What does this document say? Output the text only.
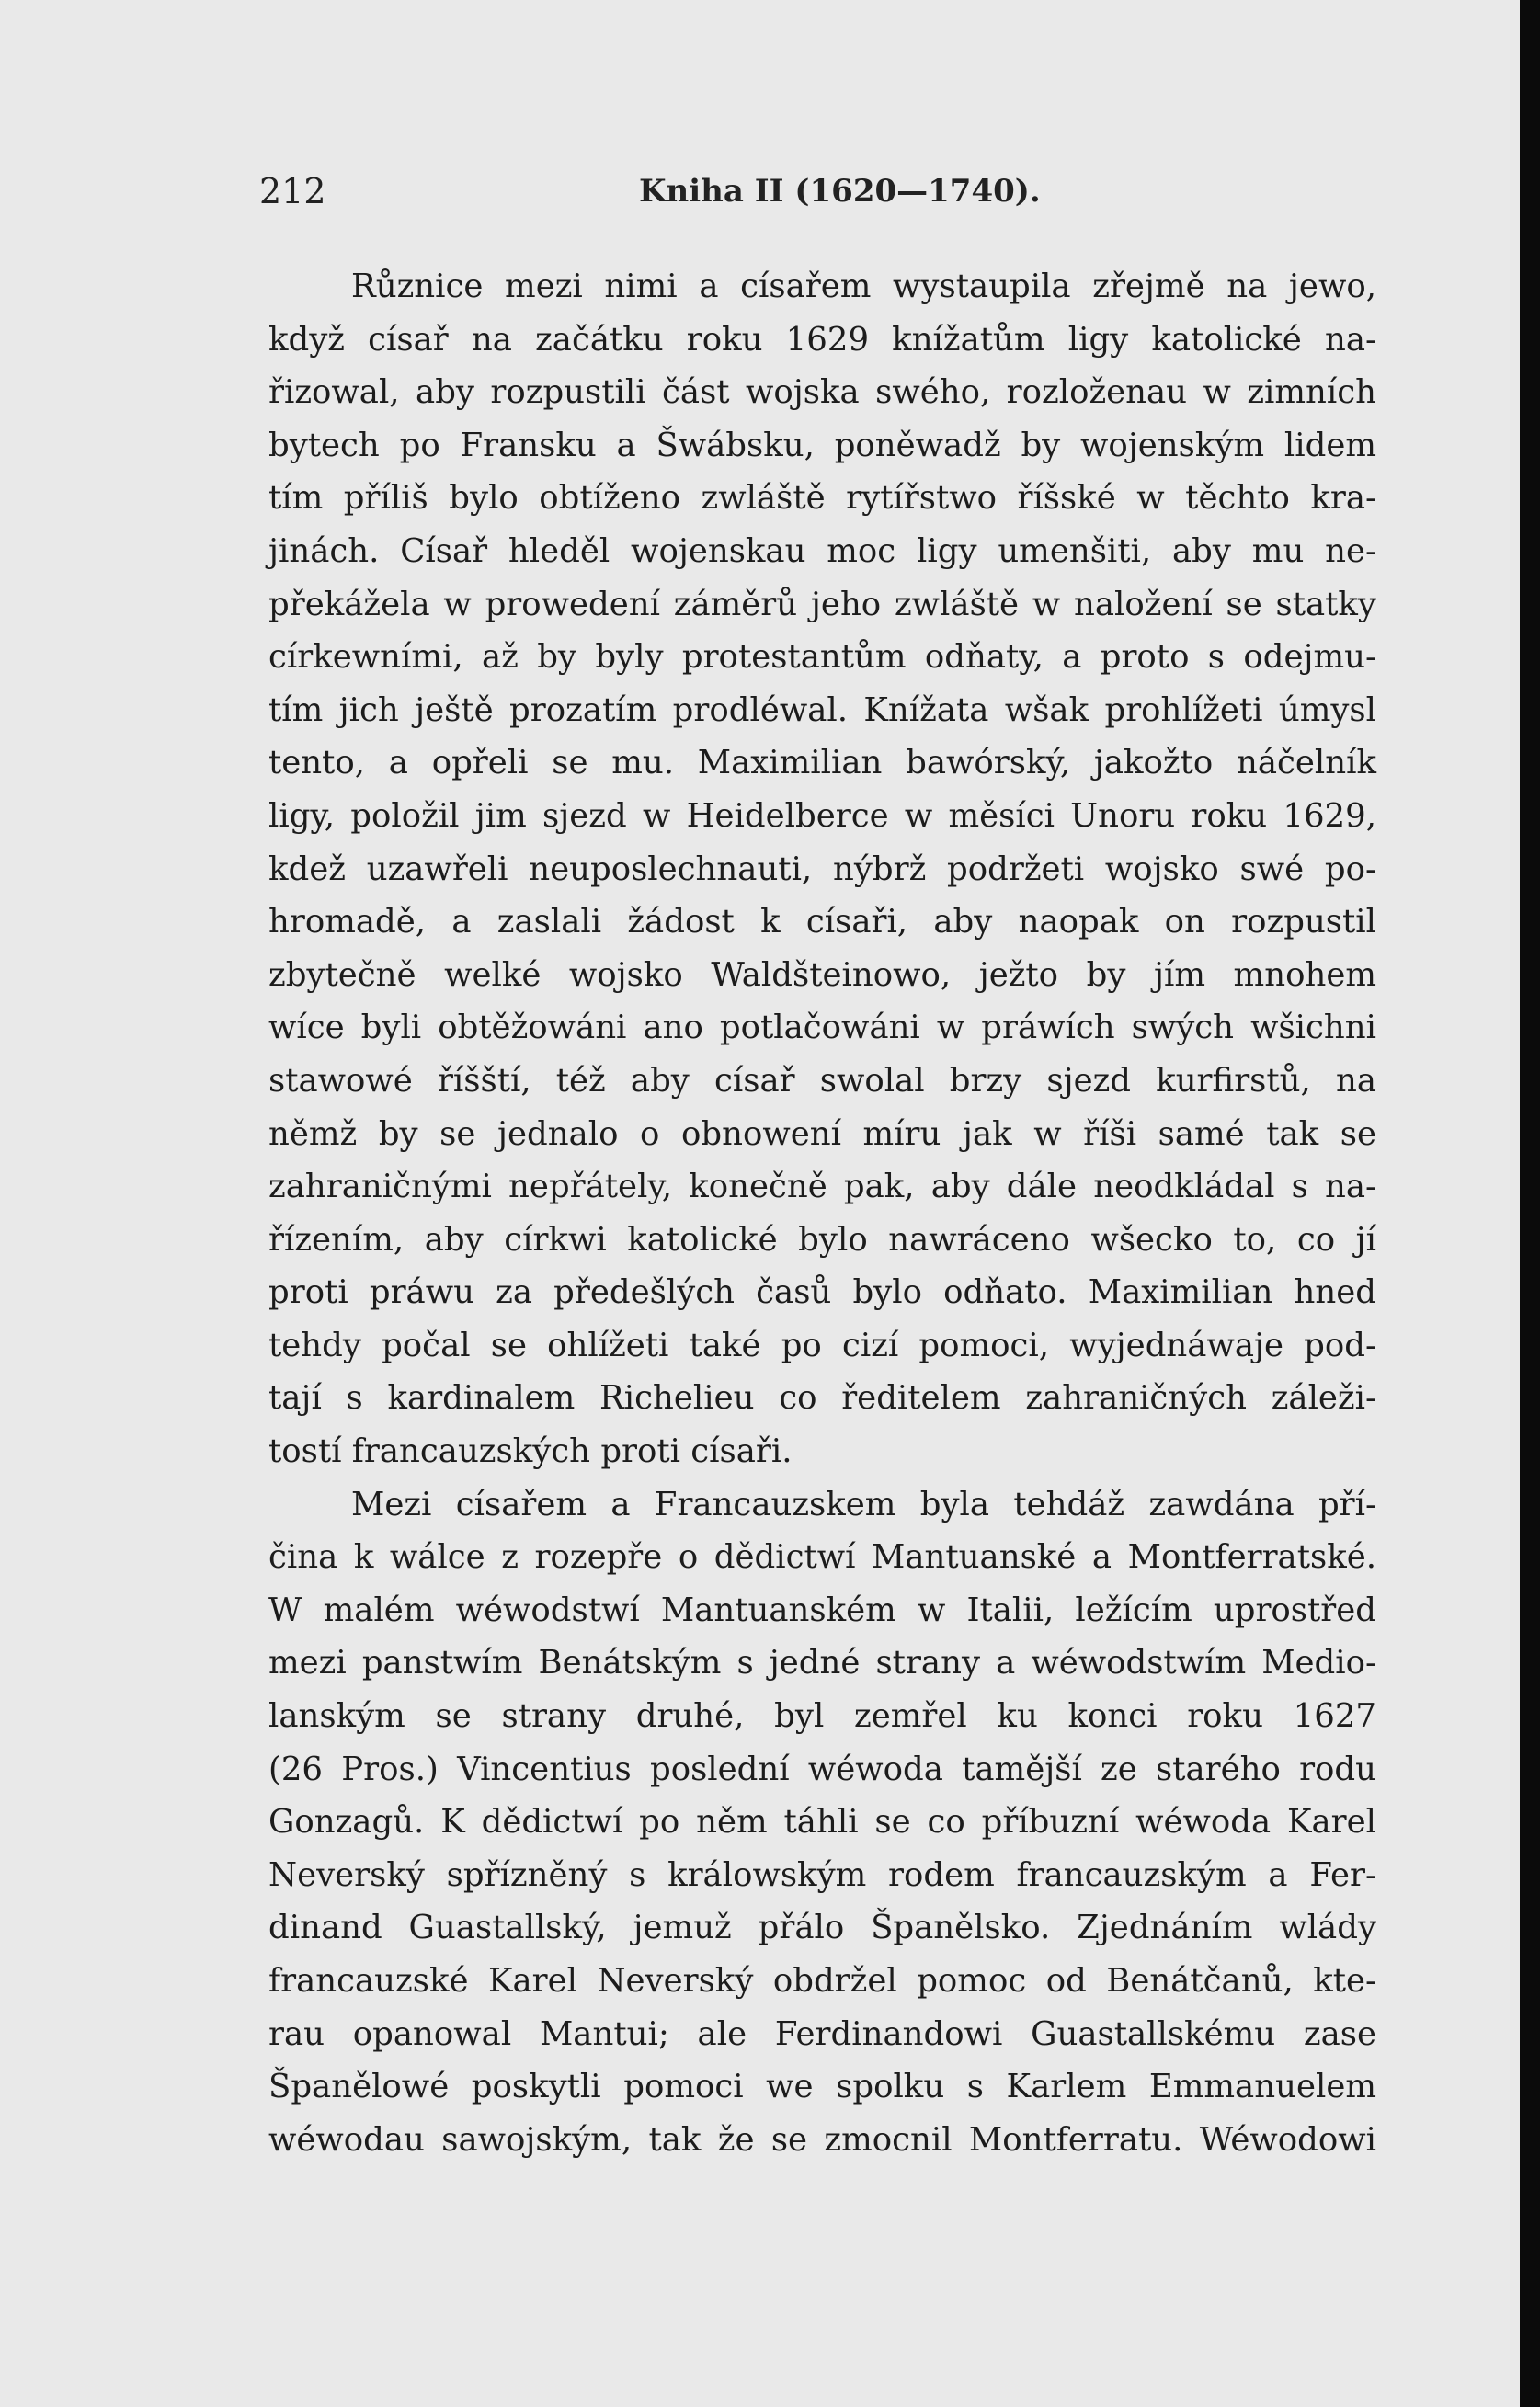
212	Kniha II (1620—1740).
Různice mezi nimi a císařem wystaupila zřejmě na jewo,
když císař na začátku roku 1629 knížatům ligy katolické na-
řizowal, aby rozpustili část wojska swého, rozloženau w zimních
bytech po Fransku a Šwábsku, poněwadž by wojenským lidem
tím příliš bylo obtíženo zwláště rytířstwo říšské w těchto kra-
jinách. Císař hleděl wojenskau moc ligy umenšiti, aby mu ne-
překážela w prowedení záměrů jeho zwláště w naložení se statky
církewními, až by byly protestantům odňaty, a proto s odejmu-
tím jich ještě prozatím prodléwal. Knížata wšak prohlížeti úmysl
tento, a opřeli se mu. Maximilian bawórský, jakožto náčelník
ligy, položil jim sjezd w Heidelberce w měsíci Unoru roku 1629,
kdež uzawřeli neuposlechnauti, nýbrž podržeti wojsko swé po-
hromadě, a zaslali žádost k císaři, aby naopak on rozpustil
zbytečně welké wojsko Waldšteinowo, ježto by jím mnohem
wíce byli obtěžowáni ano potlačowáni w práwích swých wšichni
stawowé říšští, též aby císař swolal brzy sjezd kurfirstů, na
němž by se jednalo o obnowení míru jak w říši samé tak se
zahraničnými nepřátely, konečně pak, aby dále neodkládal s na-
řízením, aby církwi katolické bylo nawráceno wšecko to, co jí
proti práwu za předešlých časů bylo odňato. Maximilian hned
tehdy počal se ohlížeti také po cizí pomoci, wyjednáwaje pod-
tají s kardinalem Richelieu co ředitelem zahraničných záleži-
tostí francauzských proti císaři.
Mezi císařem a Francauzskem byla tehdáž zawdána pří-
čina k wálce z rozepře o dědictwí Mantuanské a Montferratské.
W malém wéwodstwí Mantuanském w Italii, ležícím uprostřed
mezi panstwím Benátským s jedné strany a wéwodstwím Medio-
lanským se strany druhé, byl zemřel ku konci roku 1627
(26 Pros.) Vincentius poslední wéwoda tamější ze starého rodu
Gonzagů. K dědictwí po něm táhli se co příbuzní wéwoda Karel
Neverský spřízněný s králowským rodem francauzským a Fer-
dinand Guastallský, jemuž přálo Španělsko. Zjednáním wlády
francauzské Karel Neverský obdržel pomoc od Benátčanů, kte-
rau opanowal Mantui; ale Ferdinandowi Guastallskému zase
Španělowé poskytli pomoci we spolku s Karlem Emmanuelem
wéwodau sawojským, tak že se zmocnil Montferratu. Wéwodowi
